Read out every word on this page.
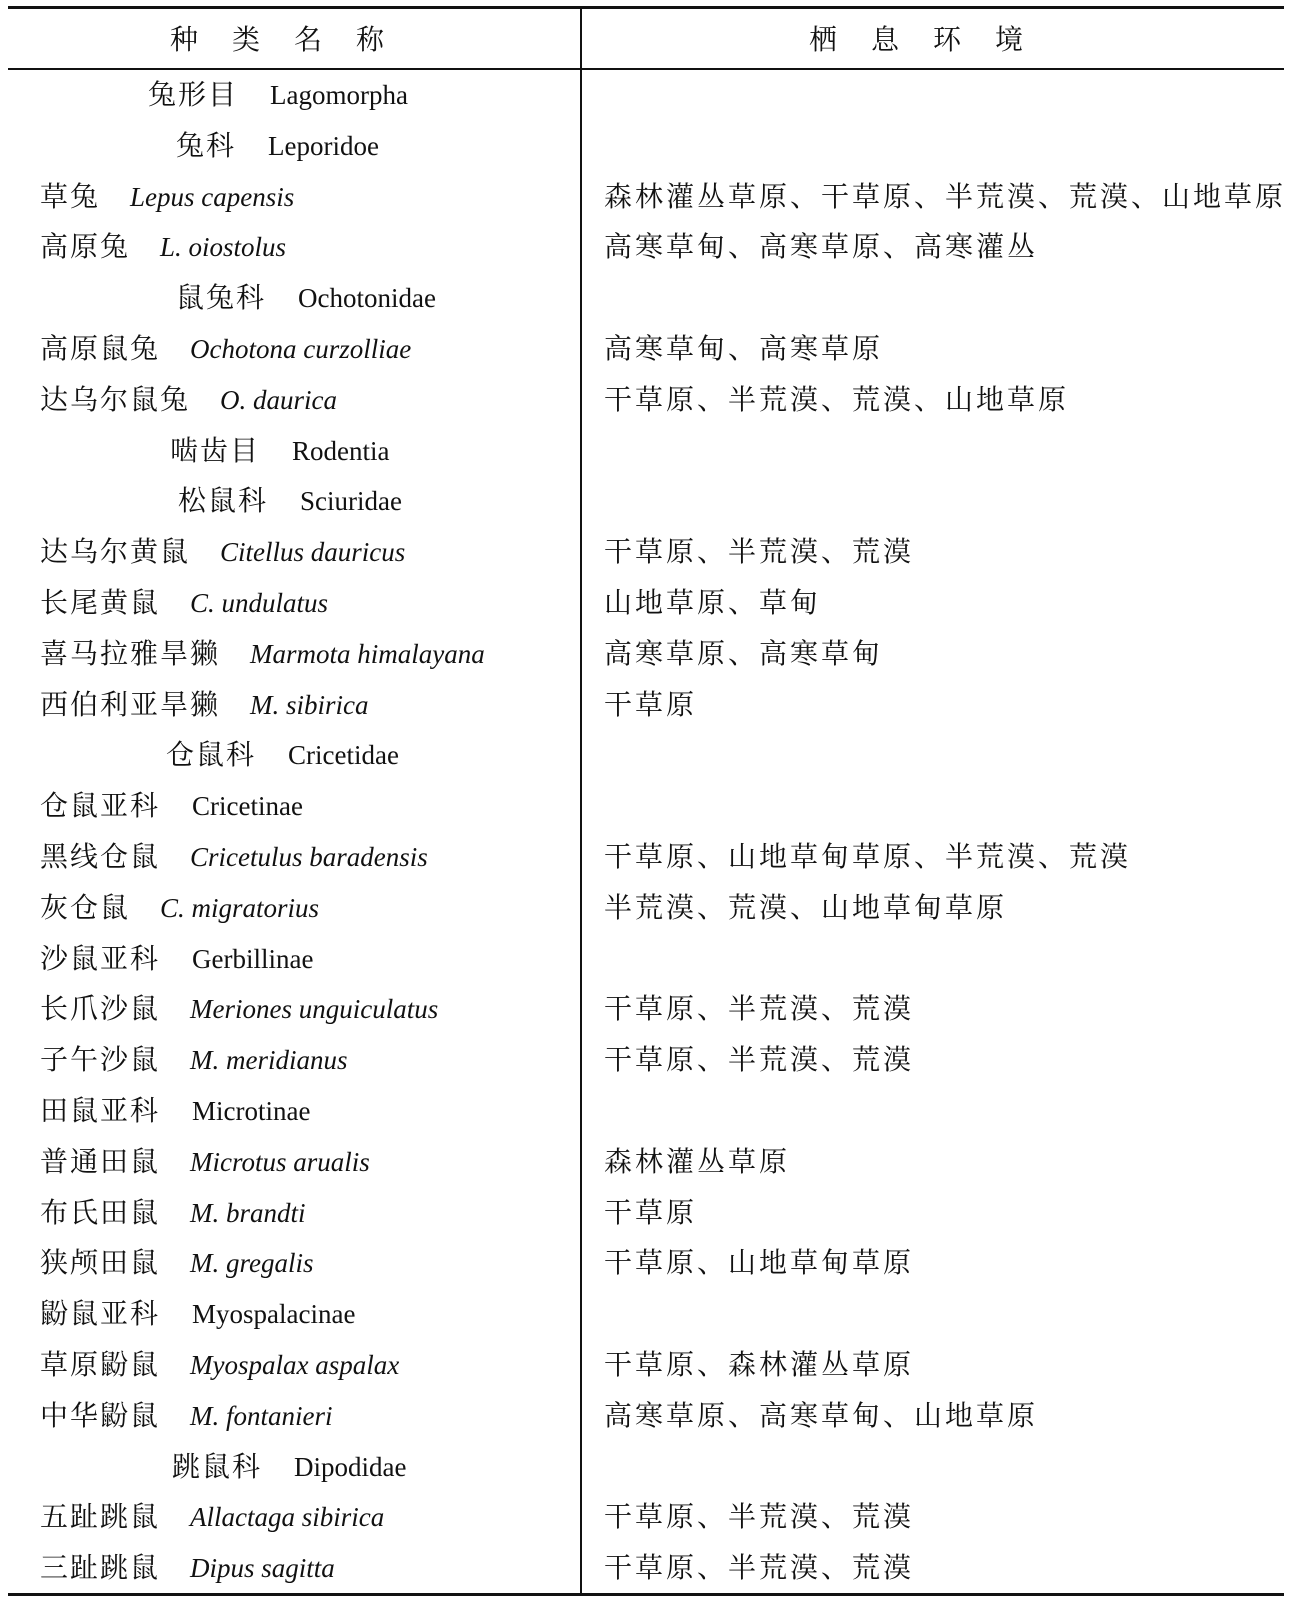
种类名称	栖息环境
兔形目 Lagomorpha
兔科 Leporidoe
草兔 Lepus capensis	森林灌丛草原、干草原、半荒漠、荒漠、山地草原
高原兔 L. oiostolus	高寒草甸、高寒草原、高寒灌丛
鼠兔科 Ochotonidae
高原鼠兔 Ochotona curzolliae	高寒草甸、高寒草原
达乌尔鼠兔 O. daurica	干草原、半荒漠、荒漠、山地草原
啮齿目 Rodentia
松鼠科 Sciuridae
达乌尔黄鼠 Citellus dauricus	干草原、半荒漠、荒漠
长尾黄鼠 C. undulatus	山地草原、草甸
喜马拉雅旱獭 Marmota himalayana	高寒草原、高寒草甸
西伯利亚旱獭 M. sibirica	干草原
仓鼠科 Cricetidae
仓鼠亚科 Cricetinae
黑线仓鼠 Cricetulus baradensis	干草原、山地草甸草原、半荒漠、荒漠
灰仓鼠 C. migratorius	半荒漠、荒漠、山地草甸草原
沙鼠亚科 Gerbillinae
长爪沙鼠 Meriones unguiculatus	干草原、半荒漠、荒漠
子午沙鼠 M. meridianus	干草原、半荒漠、荒漠
田鼠亚科 Microtinae
普通田鼠 Microtus arualis	森林灌丛草原
布氏田鼠 M. brandti	干草原
狭颅田鼠 M. gregalis	干草原、山地草甸草原
鼢鼠亚科 Myospalacinae
草原鼢鼠 Myospalax aspalax	干草原、森林灌丛草原
中华鼢鼠 M. fontanieri	高寒草原、高寒草甸、山地草原
跳鼠科 Dipodidae
五趾跳鼠 Allactaga sibirica	干草原、半荒漠、荒漠
三趾跳鼠 Dipus sagitta	干草原、半荒漠、荒漠
